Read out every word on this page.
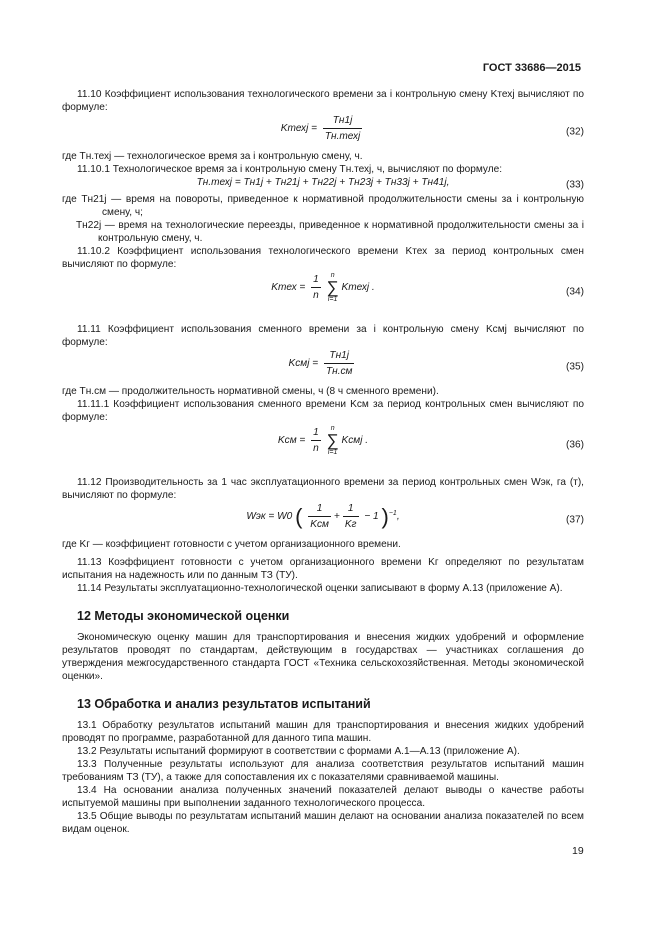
ГОСТ 33686—2015

11.10 Коэффициент использования технологического времени за i контрольную смену Kтехj вычисляют по формуле:

Kтехj = $\frac{Tн1j}{\text{Tн.техj}}$	(32)

где Tн.техj — технологическое время за i контрольную смену, ч.

11.10.1 Технологическое время за i контрольную смену Tн.техj, ч, вычисляют по формуле:

Tн.техj = Tн1j + Tн21j + Tн22j + Tн23j + Tн33j + Tн41j,	(33)

где Tн21j — время на повороты, приведенное к нормативной продолжительности смены за i контрольную смену, ч;

Tн22j — время на технологические переезды, приведенное к нормативной продолжительности смены за i контрольную смену, ч.

11.10.2 Коэффициент использования технологического времени Kтех за период контрольных смен вычисляют по формуле:

Kтех = $\frac{1}{n}$
	n
∑
i=1
Kтехj .	(34)

11.11 Коэффициент использования сменного времени за i контрольную смену Kсмj вычисляют по формуле:

Kсмj = $\frac{Tн1j}{Tн.см}$	(35)

где Tн.см — продолжительность нормативной смены, ч (8 ч сменного времени).

11.11.1 Коэффициент использования сменного времени Kсм за период контрольных смен вычисляют по формуле:

Kсм = $\frac{1}{n}$
	n
∑
i=1
Kсмj .	(36)

11.12 Производительность за 1 час эксплуатационного времени за период контрольных смен Wэк, га (т), вычисляют по формуле:

Wэк = W0 ( $\frac{1}{\text{Kсм}} + \frac{1}{Kг} - 1$ )$^{-1}$,	(37)

где Kг — коэффициент готовности с учетом организационного времени.

11.13 Коэффициент готовности с учетом организационного времени Kг определяют по результатам испытания на надежность или по данным ТЗ (ТУ).

11.14 Результаты эксплуатационно-технологической оценки записывают в форму А.13 (приложение А).

12 Методы экономической оценки

Экономическую оценку машин для транспортирования и внесения жидких удобрений и оформление результатов проводят по стандартам, действующим в государствах — участниках соглашения до утверждения межгосударственного стандарта ГОСТ «Техника сельскохозяйственная. Методы экономической оценки».

13 Обработка и анализ результатов испытаний

13.1 Обработку результатов испытаний машин для транспортирования и внесения жидких удобрений проводят по программе, разработанной для данного типа машин.

13.2 Результаты испытаний формируют в соответствии с формами А.1—А.13 (приложение А).

13.3 Полученные результаты используют для анализа соответствия результатов испытаний машин требованиям ТЗ (ТУ), а также для сопоставления их с показателями сравниваемой машины.

13.4 На основании анализа полученных значений показателей делают выводы о качестве работы испытуемой машины при выполнении заданного технологического процесса.

13.5 Общие выводы по результатам испытаний машин делают на основании анализа показателей по всем видам оценок.

19
